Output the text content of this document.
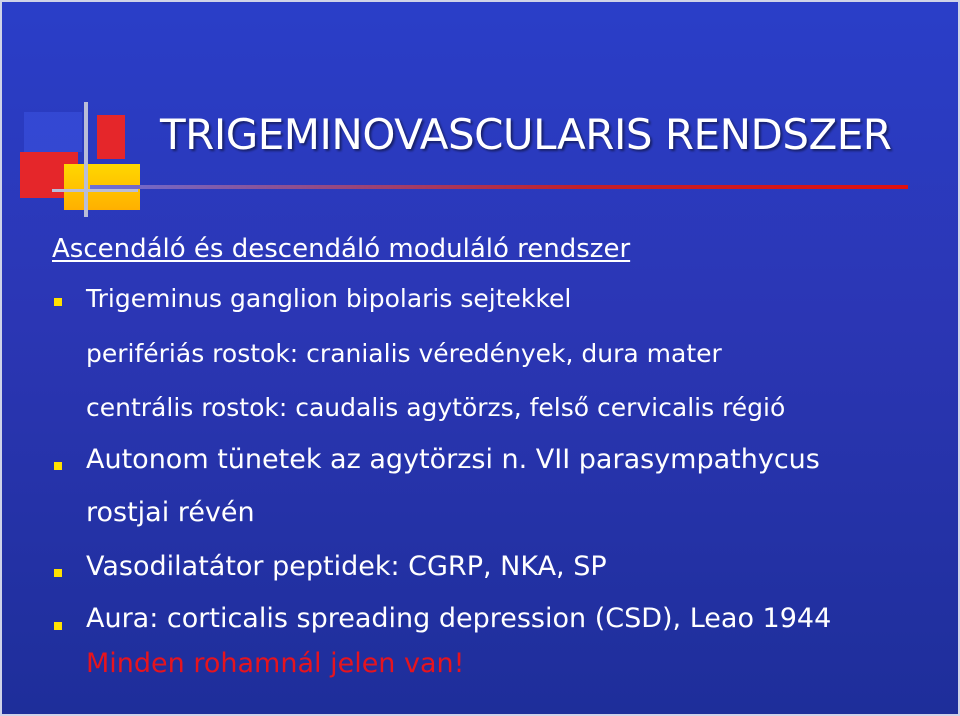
TRIGEMINOVASCULARIS RENDSZER
Ascendáló és descendáló moduláló rendszer
Trigeminus ganglion bipolaris sejtekkel
perifériás rostok: cranialis véredények, dura mater
centrális rostok: caudalis agytörzs, felső cervicalis régió
Autonom tünetek az agytörzsi n. VII parasympathycus
rostjai révén
Vasodilatátor peptidek: CGRP, NKA, SP
Aura: corticalis spreading depression (CSD), Leao 1944
Minden rohamnál jelen van!
